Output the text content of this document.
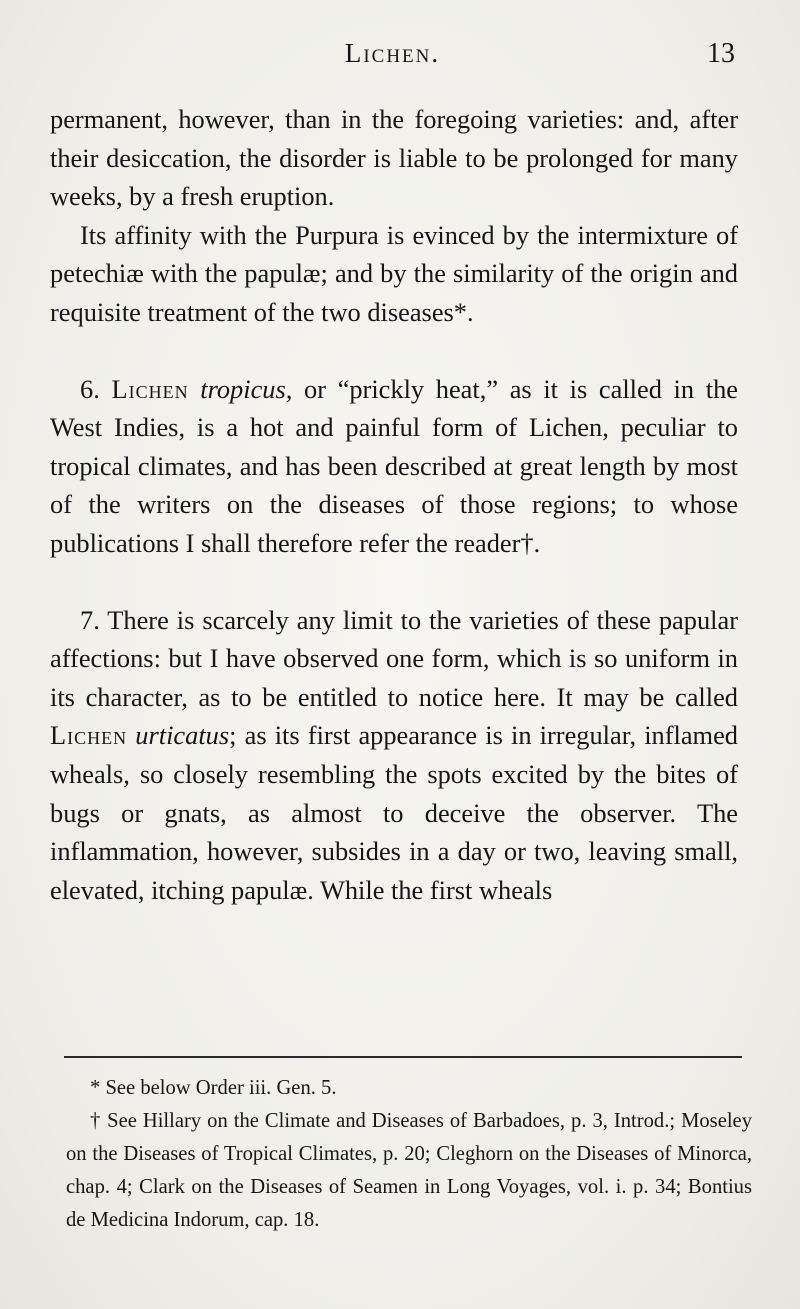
Lichen.	13

permanent, however, than in the foregoing varieties: and, after their desiccation, the disorder is liable to be prolonged for many weeks, by a fresh eruption.

Its affinity with the Purpura is evinced by the intermixture of petechiæ with the papulæ; and by the similarity of the origin and requisite treatment of the two diseases*.

6. Lichen tropicus, or “prickly heat,” as it is called in the West Indies, is a hot and painful form of Lichen, peculiar to tropical climates, and has been described at great length by most of the writers on the diseases of those regions; to whose publications I shall therefore refer the reader†.

7. There is scarcely any limit to the varieties of these papular affections: but I have observed one form, which is so uniform in its character, as to be entitled to notice here. It may be called Lichen urticatus; as its first appearance is in irregular, inflamed wheals, so closely resembling the spots excited by the bites of bugs or gnats, as almost to deceive the observer. The inflammation, however, subsides in a day or two, leaving small, elevated, itching papulæ. While the first wheals

* See below Order iii. Gen. 5.

† See Hillary on the Climate and Diseases of Barbadoes, p. 3, Introd.; Moseley on the Diseases of Tropical Climates, p. 20; Cleghorn on the Diseases of Minorca, chap. 4; Clark on the Diseases of Seamen in Long Voyages, vol. i. p. 34; Bontius de Medicina Indorum, cap. 18.
